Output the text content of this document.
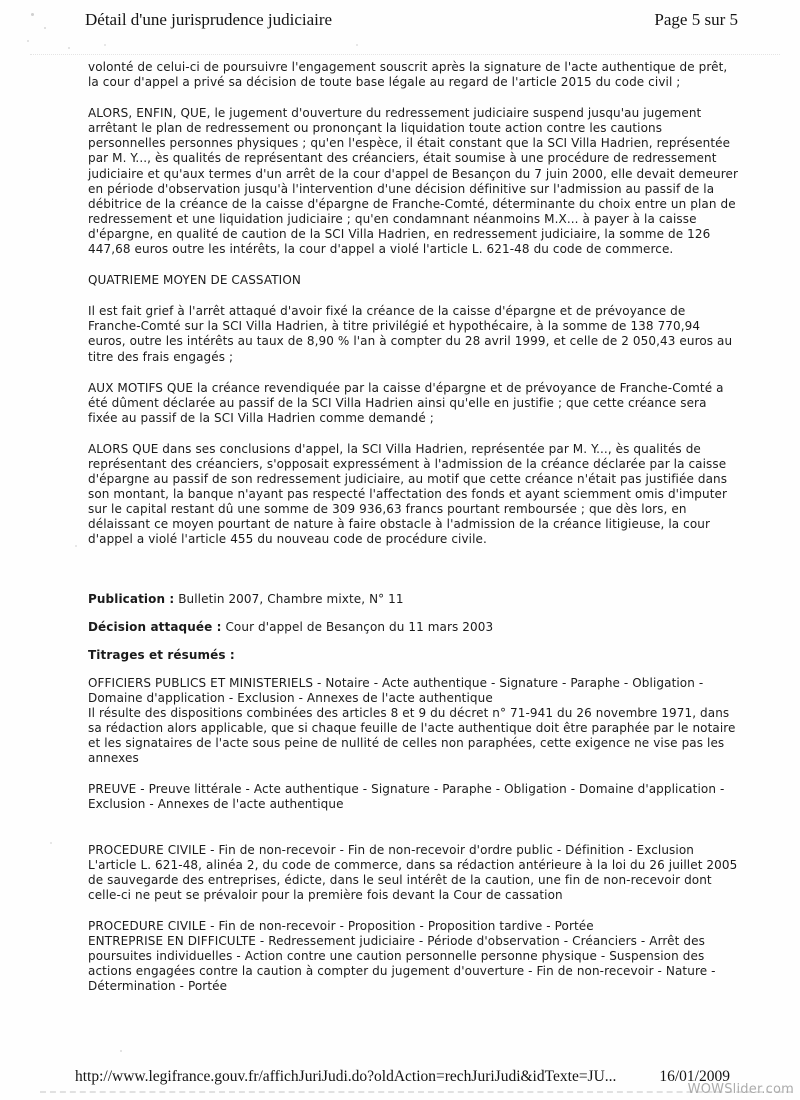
Détail d'une jurisprudence judiciaire	Page 5 sur 5

volonté de celui-ci de poursuivre l'engagement souscrit après la signature de l'acte authentique de prêt, la cour d'appel a privé sa décision de toute base légale au regard de l'article 2015 du code civil ;

ALORS, ENFIN, QUE, le jugement d'ouverture du redressement judiciaire suspend jusqu'au jugement arrêtant le plan de redressement ou prononçant la liquidation toute action contre les cautions personnelles personnes physiques ; qu'en l'espèce, il était constant que la SCI Villa Hadrien, représentée par M. Y..., ès qualités de représentant des créanciers, était soumise à une procédure de redressement judiciaire et qu'aux termes d'un arrêt de la cour d'appel de Besançon du 7 juin 2000, elle devait demeurer en période d'observation jusqu'à l'intervention d'une décision définitive sur l'admission au passif de la débitrice de la créance de la caisse d'épargne de Franche-Comté, déterminante du choix entre un plan de redressement et une liquidation judiciaire ; qu'en condamnant néanmoins M.X... à payer à la caisse d'épargne, en qualité de caution de la SCI Villa Hadrien, en redressement judiciaire, la somme de 126 447,68 euros outre les intérêts, la cour d'appel a violé l'article L. 621-48 du code de commerce.

QUATRIEME MOYEN DE CASSATION

Il est fait grief à l'arrêt attaqué d'avoir fixé la créance de la caisse d'épargne et de prévoyance de Franche-Comté sur la SCI Villa Hadrien, à titre privilégié et hypothécaire, à la somme de 138 770,94 euros, outre les intérêts au taux de 8,90 % l'an à compter du 28 avril 1999, et celle de 2 050,43 euros au titre des frais engagés ;

AUX MOTIFS QUE la créance revendiquée par la caisse d'épargne et de prévoyance de Franche-Comté a été dûment déclarée au passif de la SCI Villa Hadrien ainsi qu'elle en justifie ; que cette créance sera fixée au passif de la SCI Villa Hadrien comme demandé ;

ALORS QUE dans ses conclusions d'appel, la SCI Villa Hadrien, représentée par M. Y..., ès qualités de représentant des créanciers, s'opposait expressément à l'admission de la créance déclarée par la caisse d'épargne au passif de son redressement judiciaire, au motif que cette créance n'était pas justifiée dans son montant, la banque n'ayant pas respecté l'affectation des fonds et ayant sciemment omis d'imputer sur le capital restant dû une somme de 309 936,63 francs pourtant remboursée ; que dès lors, en délaissant ce moyen pourtant de nature à faire obstacle à l'admission de la créance litigieuse, la cour d'appel a violé l'article 455 du nouveau code de procédure civile.

Publication : Bulletin 2007, Chambre mixte, N° 11

Décision attaquée : Cour d'appel de Besançon du 11 mars 2003

Titrages et résumés :

OFFICIERS PUBLICS ET MINISTERIELS - Notaire - Acte authentique - Signature - Paraphe - Obligation - Domaine d'application - Exclusion - Annexes de l'acte authentique
Il résulte des dispositions combinées des articles 8 et 9 du décret n° 71-941 du 26 novembre 1971, dans sa rédaction alors applicable, que si chaque feuille de l'acte authentique doit être paraphée par le notaire et les signataires de l'acte sous peine de nullité de celles non paraphées, cette exigence ne vise pas les annexes
PREUVE - Preuve littérale - Acte authentique - Signature - Paraphe - Obligation - Domaine d'application - Exclusion - Annexes de l'acte authentique
PROCEDURE CIVILE - Fin de non-recevoir - Fin de non-recevoir d'ordre public - Définition - Exclusion
L'article L. 621-48, alinéa 2, du code de commerce, dans sa rédaction antérieure à la loi du 26 juillet 2005 de sauvegarde des entreprises, édicte, dans le seul intérêt de la caution, une fin de non-recevoir dont celle-ci ne peut se prévaloir pour la première fois devant la Cour de cassation
PROCEDURE CIVILE - Fin de non-recevoir - Proposition - Proposition tardive - Portée
ENTREPRISE EN DIFFICULTE - Redressement judiciaire - Période d'observation - Créanciers - Arrêt des poursuites individuelles - Action contre une caution personnelle personne physique - Suspension des actions engagées contre la caution à compter du jugement d'ouverture - Fin de non-recevoir - Nature - Détermination - Portée
http://www.legifrance.gouv.fr/affichJuriJudi.do?oldAction=rechJuriJudi&idTexte=JU...	16/01/2009
WOWSlider.com
